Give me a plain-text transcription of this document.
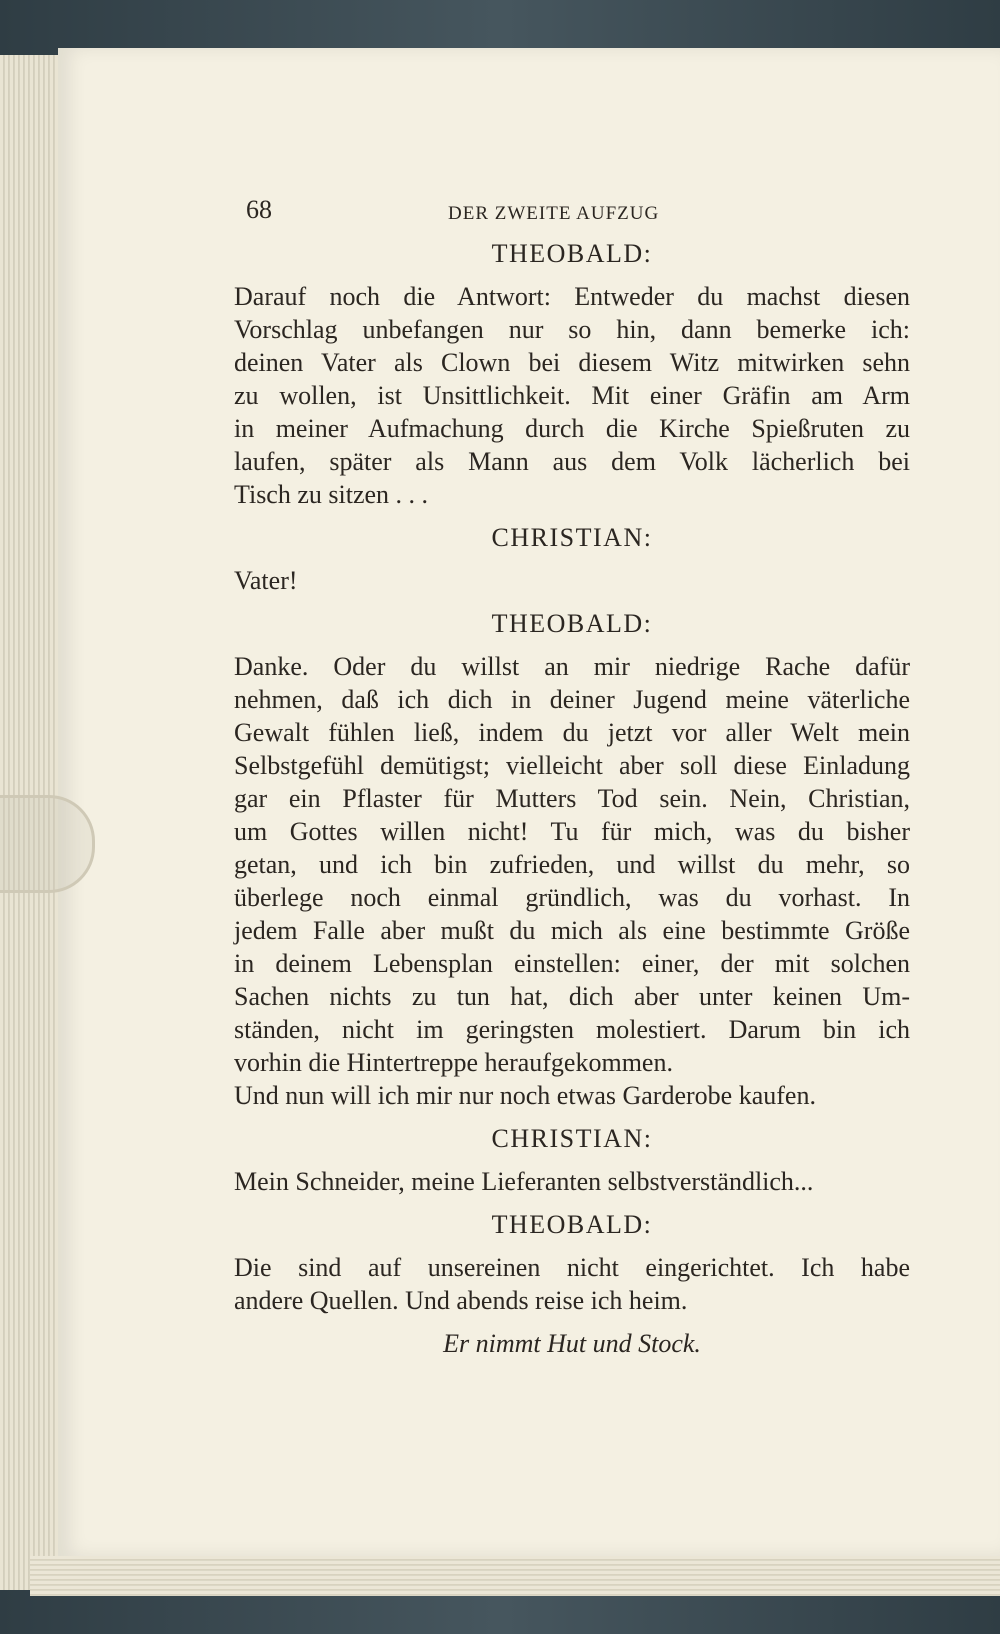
68	DER ZWEITE AUFZUG
THEOBALD:
Darauf noch die Antwort: Entweder du machst diesen
Vorschlag unbefangen nur so hin, dann bemerke ich:
deinen Vater als Clown bei diesem Witz mitwirken sehn
zu wollen, ist Unsittlichkeit. Mit einer Gräfin am Arm
in meiner Aufmachung durch die Kirche Spießruten zu
laufen, später als Mann aus dem Volk lächerlich bei
Tisch zu sitzen . . .
CHRISTIAN:
Vater!
THEOBALD:
Danke. Oder du willst an mir niedrige Rache dafür
nehmen, daß ich dich in deiner Jugend meine väterliche
Gewalt fühlen ließ, indem du jetzt vor aller Welt mein
Selbstgefühl demütigst; vielleicht aber soll diese Einladung
gar ein Pflaster für Mutters Tod sein. Nein, Christian,
um Gottes willen nicht! Tu für mich, was du bisher
getan, und ich bin zufrieden, und willst du mehr, so
überlege noch einmal gründlich, was du vorhast. In
jedem Falle aber mußt du mich als eine bestimmte Größe
in deinem Lebensplan einstellen: einer, der mit solchen
Sachen nichts zu tun hat, dich aber unter keinen Um-
ständen, nicht im geringsten molestiert. Darum bin ich
vorhin die Hintertreppe heraufgekommen.
Und nun will ich mir nur noch etwas Garderobe kaufen.
CHRISTIAN:
Mein Schneider, meine Lieferanten selbstverständlich...
THEOBALD:
Die sind auf unsereinen nicht eingerichtet. Ich habe
andere Quellen. Und abends reise ich heim.
Er nimmt Hut und Stock.
